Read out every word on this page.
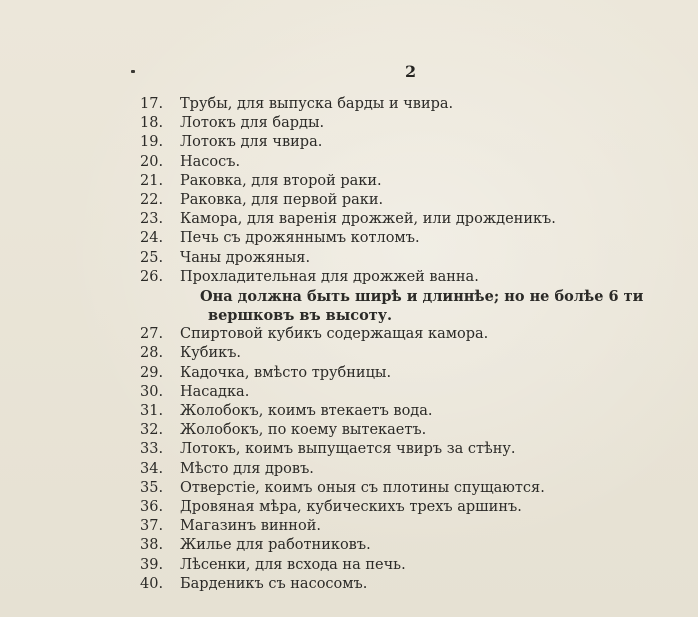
2
17.	Трубы, для выпуска барды и чвира.
18.	Лотокъ для барды.
19.	Лотокъ для чвира.
20.	Насосъ.
21.	Раковка, для второй раки.
22.	Раковка, для первой раки.
23.	Камора, для варенія дрожжей, или дрожденикъ.
24.	Печь съ дрожяннымъ котломъ.
25.	Чаны дрожяныя.
26.	Прохладительная для дрожжей ванна.
Она должна быть ширѣ и длиннѣе; но не болѣе 6 ти
вершковъ въ высоту.
27.	Спиртовой кубикъ содержащая камора.
28.	Кубикъ.
29.	Кадочка, вмѣсто трубницы.
30.	Насадка.
31.	Жолобокъ, коимъ втекаетъ вода.
32.	Жолобокъ, по коему вытекаетъ.
33.	Лотокъ, коимъ выпущается чвиръ за стѣну.
34.	Мѣсто для дровъ.
35.	Отверстіе, коимъ оныя съ плотины спущаются.
36.	Дровяная мѣра, кубическихъ трехъ аршинъ.
37.	Магазинъ винной.
38.	Жилье для работниковъ.
39.	Лѣсенки, для всхода на печь.
40.	Барденикъ съ насосомъ.
